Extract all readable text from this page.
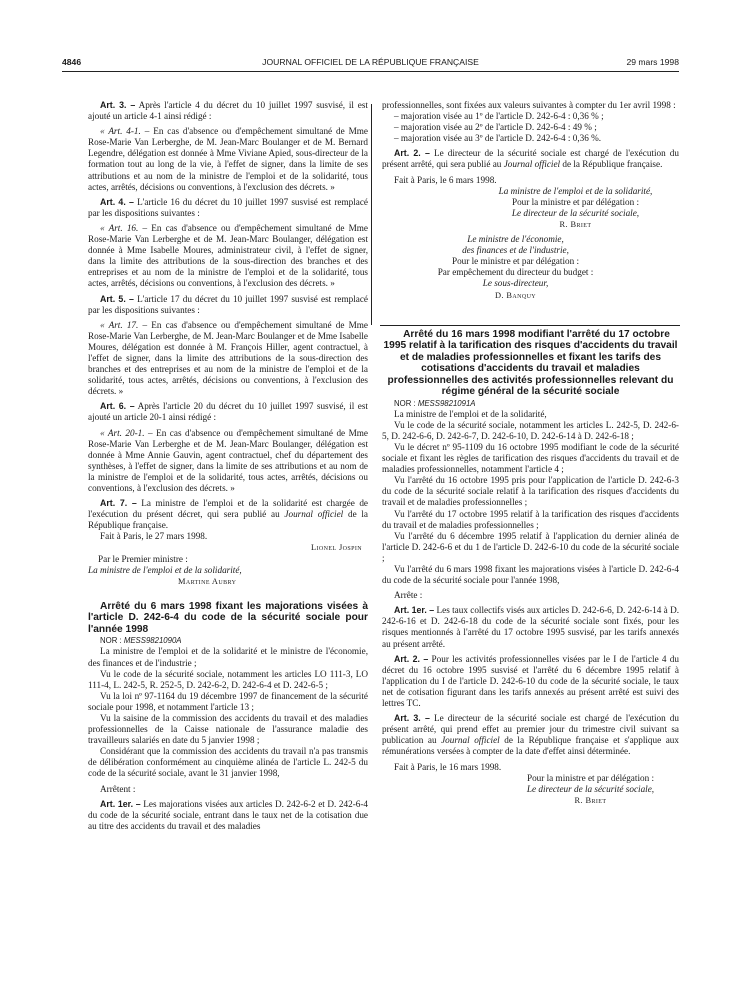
4846	JOURNAL OFFICIEL DE LA RÉPUBLIQUE FRANÇAISE	29 mars 1998

Art. 3. – Après l'article 4 du décret du 10 juillet 1997 susvisé, il est ajouté un article 4-1 ainsi rédigé :

« Art. 4-1. – En cas d'absence ou d'empêchement simultané de Mme Rose-Marie Van Lerberghe, de M. Jean-Marc Boulanger et de M. Bernard Legendre, délégation est donnée à Mme Viviane Apied, sous-directeur de la formation tout au long de la vie, à l'effet de signer, dans la limite de ses attributions et au nom de la ministre de l'emploi et de la solidarité, tous actes, arrêtés, décisions ou conventions, à l'exclusion des décrets. »

Art. 4. – L'article 16 du décret du 10 juillet 1997 susvisé est remplacé par les dispositions suivantes :

« Art. 16. – En cas d'absence ou d'empêchement simultané de Mme Rose-Marie Van Lerberghe et de M. Jean-Marc Boulanger, délégation est donnée à Mme Isabelle Moures, administrateur civil, à l'effet de signer, dans la limite des attributions de la sous-direction des branches et des entreprises et au nom de la ministre de l'emploi et de la solidarité, tous actes, arrêtés, décisions ou conventions, à l'exclusion des décrets. »

Art. 5. – L'article 17 du décret du 10 juillet 1997 susvisé est remplacé par les dispositions suivantes :

« Art. 17. – En cas d'absence ou d'empêchement simultané de Mme Rose-Marie Van Lerberghe, de M. Jean-Marc Boulanger et de Mme Isabelle Moures, délégation est donnée à M. François Hiller, agent contractuel, à l'effet de signer, dans la limite des attributions de la sous-direction des branches et des entreprises et au nom de la ministre de l'emploi et de la solidarité, tous actes, arrêtés, décisions ou conventions, à l'exclusion des décrets. »

Art. 6. – Après l'article 20 du décret du 10 juillet 1997 susvisé, il est ajouté un article 20-1 ainsi rédigé :

« Art. 20-1. – En cas d'absence ou d'empêchement simultané de Mme Rose-Marie Van Lerberghe et de M. Jean-Marc Boulanger, délégation est donnée à Mme Annie Gauvin, agent contractuel, chef du département des synthèses, à l'effet de signer, dans la limite de ses attributions et au nom de la ministre de l'emploi et de la solidarité, tous actes, arrêtés, décisions ou conventions, à l'exclusion des décrets. »

Art. 7. – La ministre de l'emploi et de la solidarité est chargée de l'exécution du présent décret, qui sera publié au Journal officiel de la République française.

Fait à Paris, le 27 mars 1998.

Lionel Jospin

Par le Premier ministre :

La ministre de l'emploi et de la solidarité,

Martine Aubry

Arrêté du 6 mars 1998 fixant les majorations visées à l'article D. 242-6-4 du code de la sécurité sociale pour l'année 1998

NOR : MESS9821090A

La ministre de l'emploi et de la solidarité et le ministre de l'économie, des finances et de l'industrie ;

Vu le code de la sécurité sociale, notamment les articles LO 111-3, LO 111-4, L. 242-5, R. 252-5, D. 242-6-2, D. 242-6-4 et D. 242-6-5 ;

Vu la loi nº 97-1164 du 19 décembre 1997 de financement de la sécurité sociale pour 1998, et notamment l'article 13 ;

Vu la saisine de la commission des accidents du travail et des maladies professionnelles de la Caisse nationale de l'assurance maladie des travailleurs salariés en date du 5 janvier 1998 ;

Considérant que la commission des accidents du travail n'a pas transmis de délibération conformément au cinquième alinéa de l'article L. 242-5 du code de la sécurité sociale, avant le 31 janvier 1998,

Arrêtent :

Art. 1er. – Les majorations visées aux articles D. 242-6-2 et D. 242-6-4 du code de la sécurité sociale, entrant dans le taux net de la cotisation due au titre des accidents du travail et des maladies

professionnelles, sont fixées aux valeurs suivantes à compter du 1er avril 1998 :

– majoration visée au 1º de l'article D. 242-6-4 : 0,36 % ;

– majoration visée au 2º de l'article D. 242-6-4 : 49 % ;

– majoration visée au 3º de l'article D. 242-6-4 : 0,36 %.

Art. 2. – Le directeur de la sécurité sociale est chargé de l'exécution du présent arrêté, qui sera publié au Journal officiel de la République française.

Fait à Paris, le 6 mars 1998.

La ministre de l'emploi et de la solidarité,

Pour la ministre et par délégation :

Le directeur de la sécurité sociale,

R. Briet

Le ministre de l'économie,

des finances et de l'industrie,

Pour le ministre et par délégation :

Par empêchement du directeur du budget :

Le sous-directeur,

D. Banquy

Arrêté du 16 mars 1998 modifiant l'arrêté du 17 octobre 1995 relatif à la tarification des risques d'accidents du travail et de maladies professionnelles et fixant les tarifs des cotisations d'accidents du travail et maladies professionnelles des activités professionnelles relevant du régime général de la sécurité sociale

NOR : MESS9821091A

La ministre de l'emploi et de la solidarité,

Vu le code de la sécurité sociale, notamment les articles L. 242-5, D. 242-6-5, D. 242-6-6, D. 242-6-7, D. 242-6-10, D. 242-6-14 à D. 242-6-18 ;

Vu le décret nº 95-1109 du 16 octobre 1995 modifiant le code de la sécurité sociale et fixant les règles de tarification des risques d'accidents du travail et de maladies professionnelles, notamment l'article 4 ;

Vu l'arrêté du 16 octobre 1995 pris pour l'application de l'article D. 242-6-3 du code de la sécurité sociale relatif à la tarification des risques d'accidents du travail et de maladies professionnelles ;

Vu l'arrêté du 17 octobre 1995 relatif à la tarification des risques d'accidents du travail et de maladies professionnelles ;

Vu l'arrêté du 6 décembre 1995 relatif à l'application du dernier alinéa de l'article D. 242-6-6 et du 1 de l'article D. 242-6-10 du code de la sécurité sociale ;

Vu l'arrêté du 6 mars 1998 fixant les majorations visées à l'article D. 242-6-4 du code de la sécurité sociale pour l'année 1998,

Arrête :

Art. 1er. – Les taux collectifs visés aux articles D. 242-6-6, D. 242-6-14 à D. 242-6-16 et D. 242-6-18 du code de la sécurité sociale sont fixés, pour les risques mentionnés à l'arrêté du 17 octobre 1995 susvisé, par les tarifs annexés au présent arrêté.

Art. 2. – Pour les activités professionnelles visées par le I de l'article 4 du décret du 16 octobre 1995 susvisé et l'arrêté du 6 décembre 1995 relatif à l'application du I de l'article D. 242-6-10 du code de la sécurité sociale, le taux net de cotisation figurant dans les tarifs annexés au présent arrêté est suivi des lettres TC.

Art. 3. – Le directeur de la sécurité sociale est chargé de l'exécution du présent arrêté, qui prend effet au premier jour du trimestre civil suivant sa publication au Journal officiel de la République française et s'applique aux rémunérations versées à compter de la date d'effet ainsi déterminée.

Fait à Paris, le 16 mars 1998.

Pour la ministre et par délégation :

Le directeur de la sécurité sociale,

R. Briet
